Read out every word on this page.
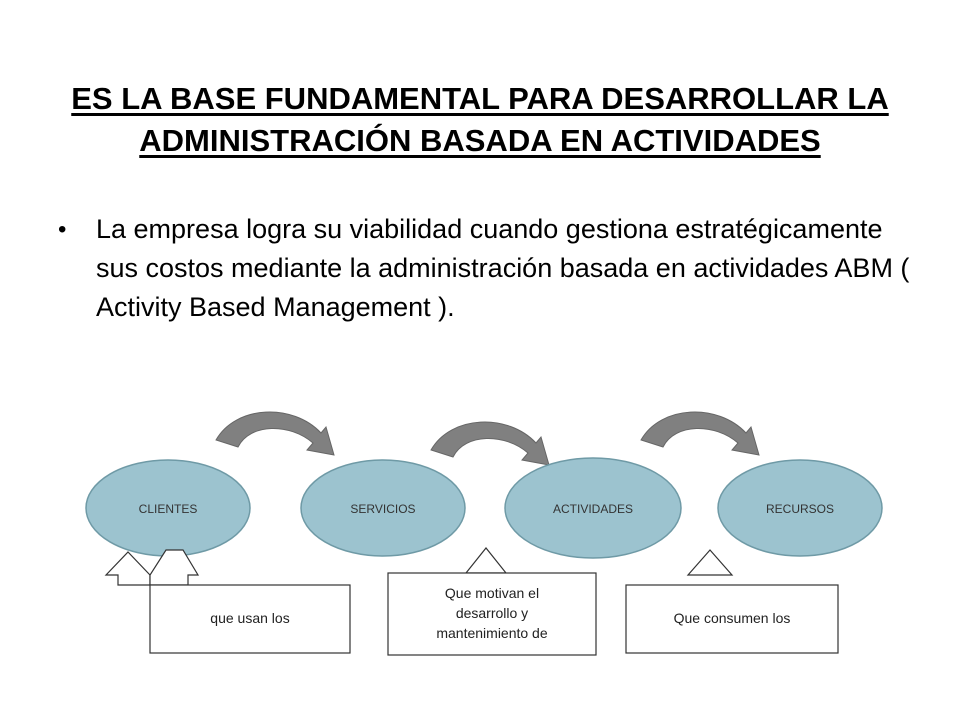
ES LA BASE FUNDAMENTAL PARA DESARROLLAR LA
ADMINISTRACIÓN BASADA EN ACTIVIDADES
• La empresa logra su viabilidad cuando gestiona estratégicamente sus costos mediante la administración basada en actividades ABM ( Activity Based Management ).
CLIENTES	SERVICIOS	ACTIVIDADES	RECURSOS
que usan los
Que motivan el
desarrollo y
mantenimiento de
Que consumen los
